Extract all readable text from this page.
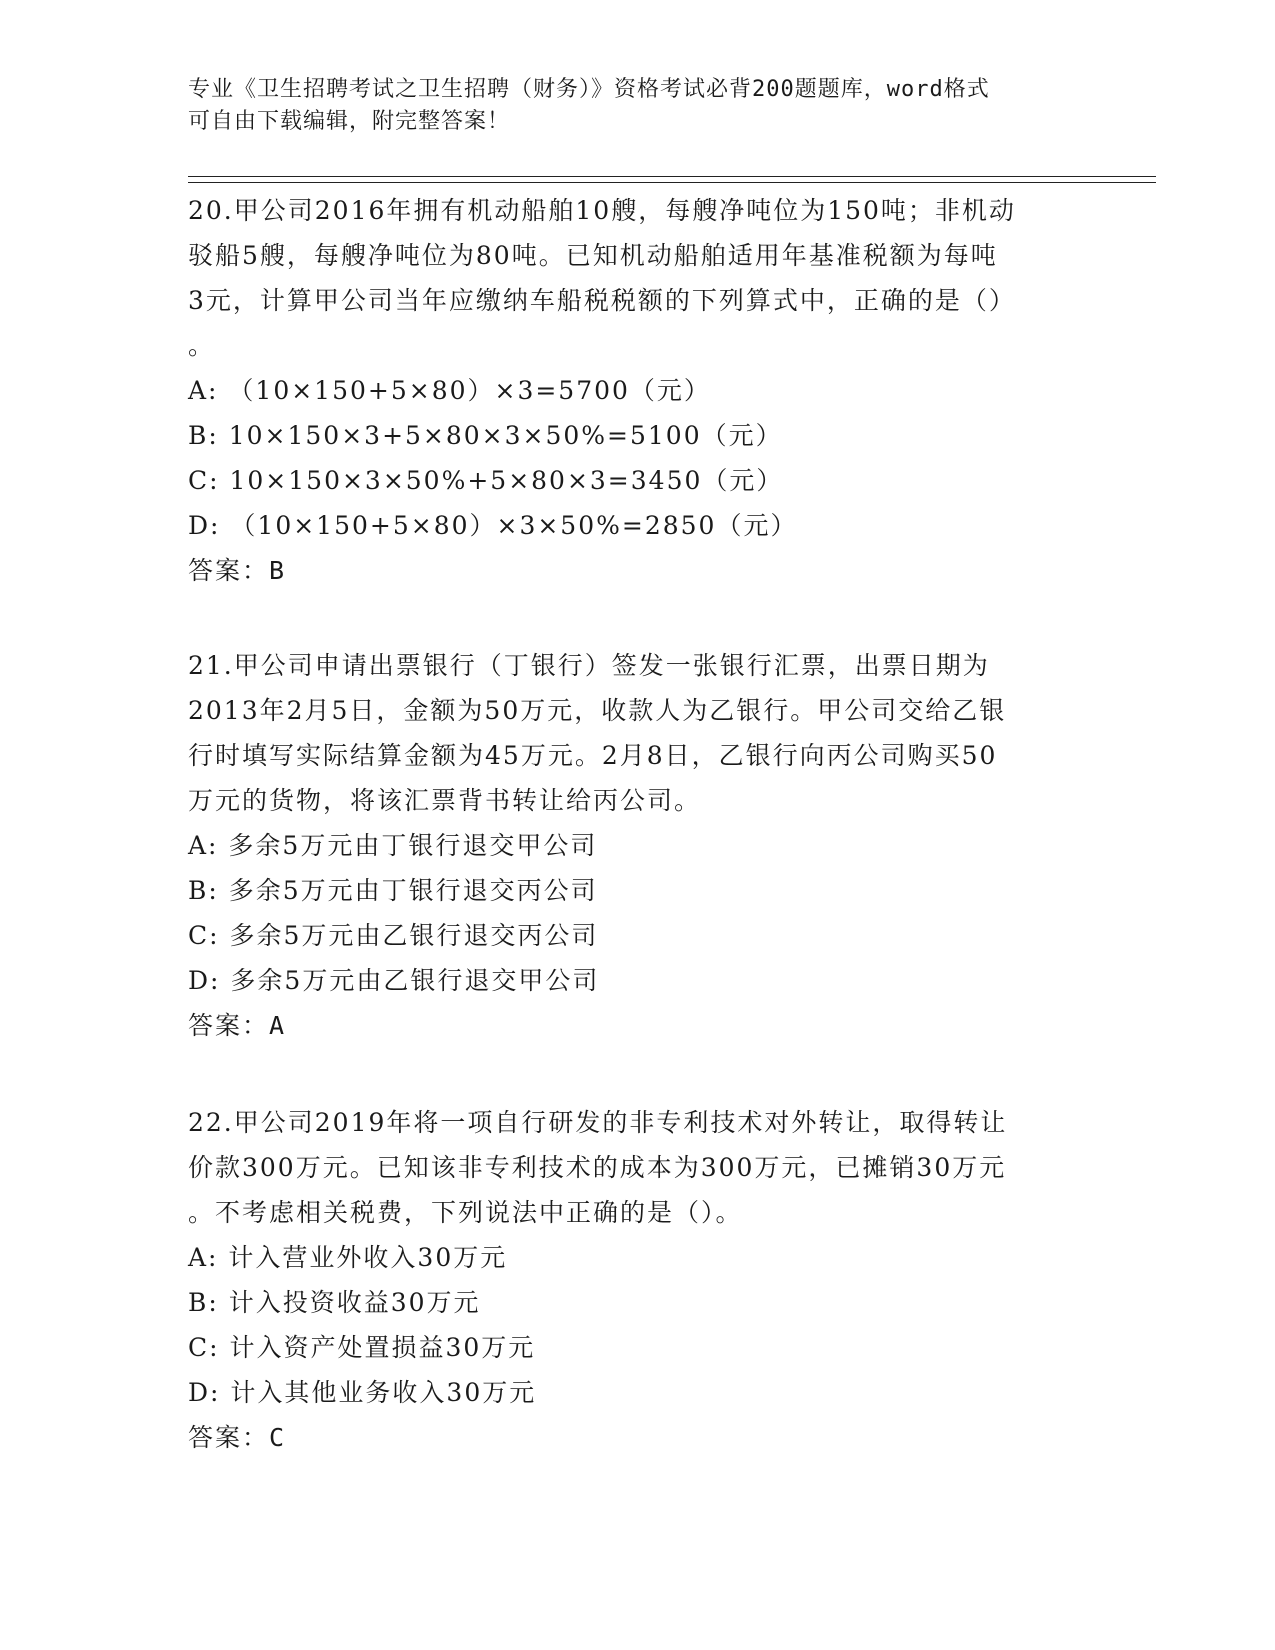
专业《卫生招聘考试之卫生招聘（财务）》资格考试必背200题题库，word格式
可自由下载编辑，附完整答案！
20.甲公司2016年拥有机动船舶10艘，每艘净吨位为150吨；非机动
驳船5艘，每艘净吨位为80吨。已知机动船舶适用年基准税额为每吨
3元，计算甲公司当年应缴纳车船税税额的下列算式中，正确的是（）
。
A: （10×150+5×80）×3=5700（元）
B: 10×150×3+5×80×3×50%=5100（元）
C: 10×150×3×50%+5×80×3=3450（元）
D: （10×150+5×80）×3×50%=2850（元）
答案：B
21.甲公司申请出票银行（丁银行）签发一张银行汇票，出票日期为
2013年2月5日，金额为50万元，收款人为乙银行。甲公司交给乙银
行时填写实际结算金额为45万元。2月8日，乙银行向丙公司购买50
万元的货物，将该汇票背书转让给丙公司。
A: 多余5万元由丁银行退交甲公司
B: 多余5万元由丁银行退交丙公司
C: 多余5万元由乙银行退交丙公司
D: 多余5万元由乙银行退交甲公司
答案：A
22.甲公司2019年将一项自行研发的非专利技术对外转让，取得转让
价款300万元。已知该非专利技术的成本为300万元，已摊销30万元
。不考虑相关税费，下列说法中正确的是（）。
A: 计入营业外收入30万元
B: 计入投资收益30万元
C: 计入资产处置损益30万元
D: 计入其他业务收入30万元
答案：C
